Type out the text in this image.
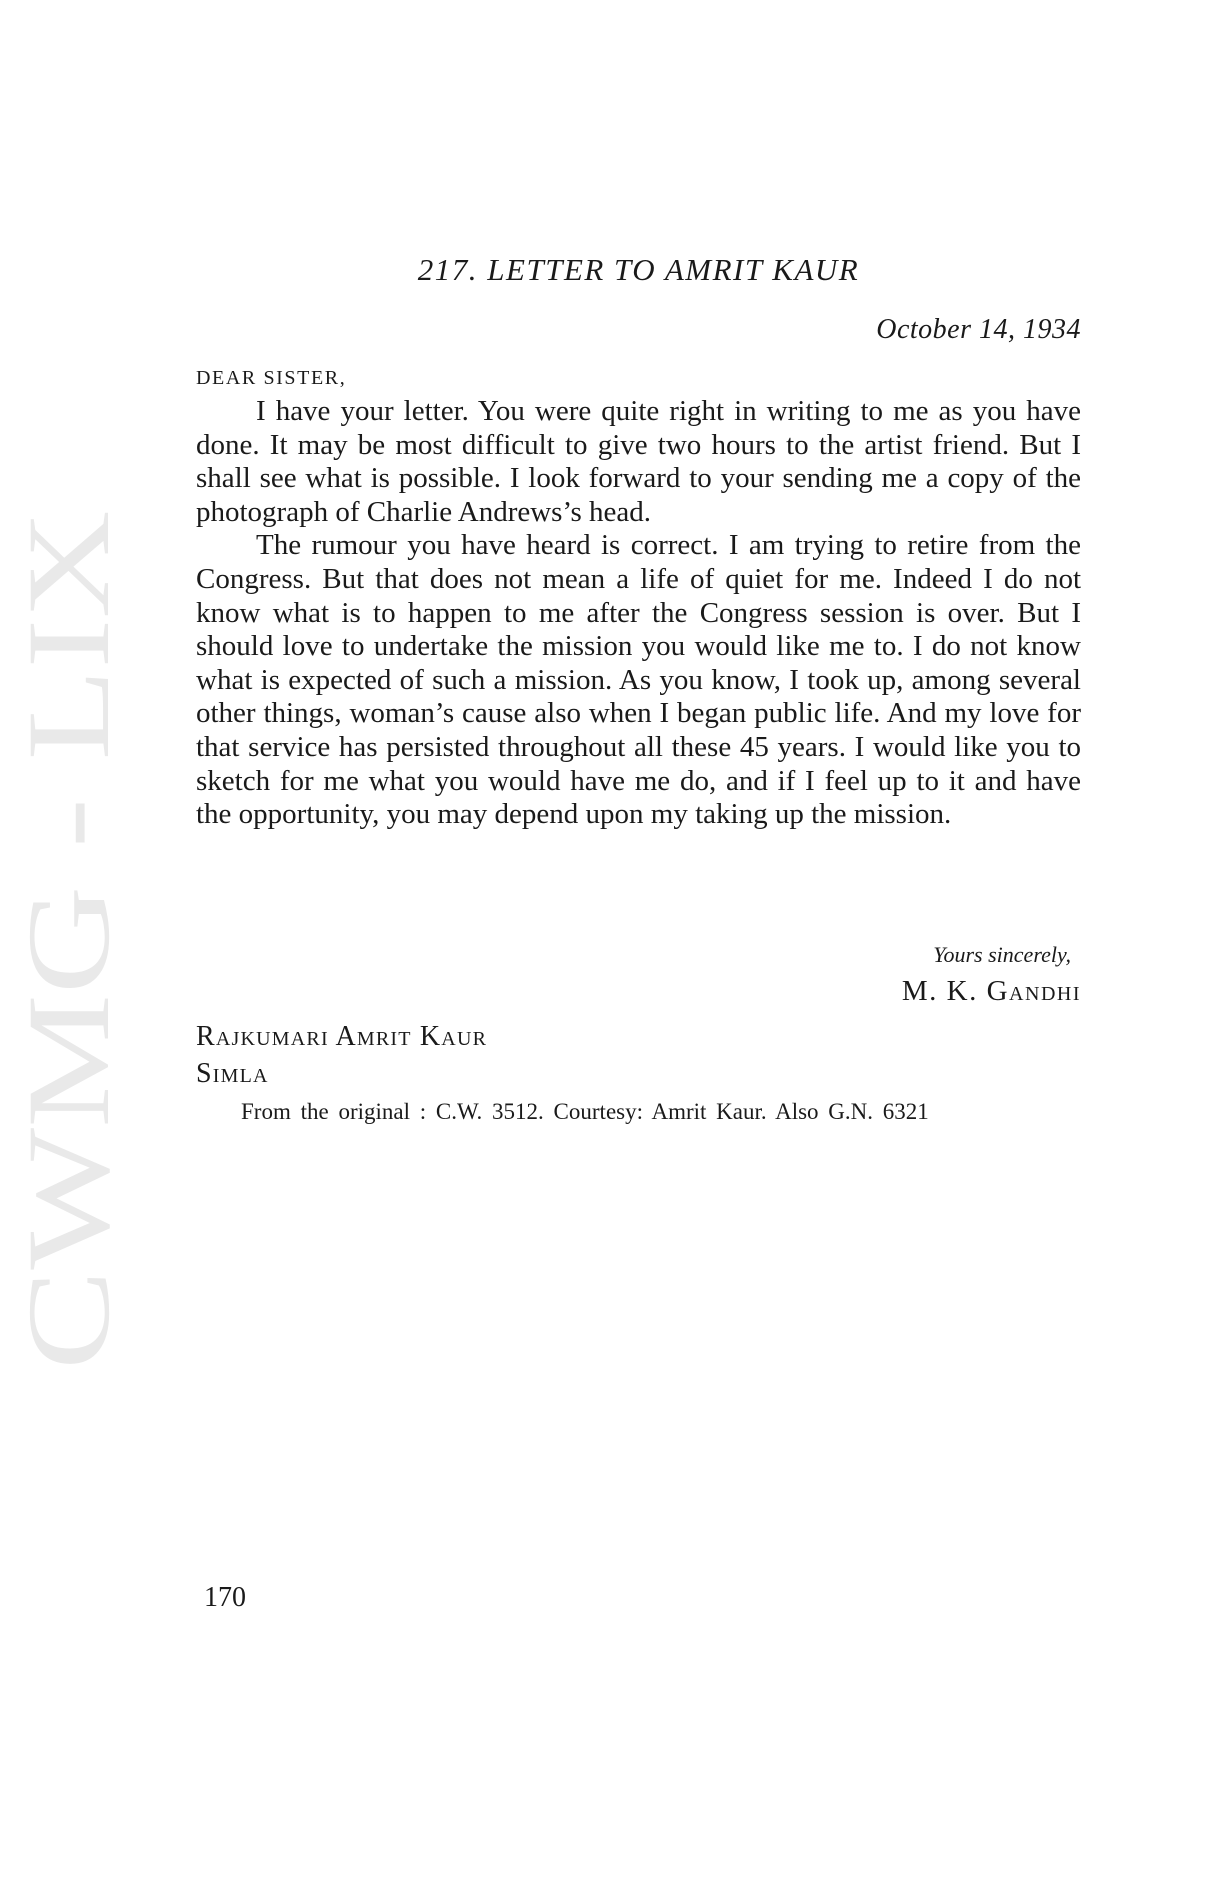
CWMG - LIX
217. LETTER TO AMRIT KAUR
October 14, 1934
DEAR SISTER,

I have your letter. You were quite right in writing to me as you have done. It may be most difficult to give two hours to the artist friend. But I shall see what is possible. I look forward to your sending me a copy of the photograph of Charlie Andrews’s head.

The rumour you have heard is correct. I am trying to retire from the Congress. But that does not mean a life of quiet for me. Indeed I do not know what is to happen to me after the Congress session is over. But I should love to undertake the mission you would like me to. I do not know what is expected of such a mission. As you know, I took up, among several other things, woman’s cause also when I began public life. And my love for that service has persisted throughout all these 45 years. I would like you to sketch for me what you would have me do, and if I feel up to it and have the opportunity, you may depend upon my taking up the mission.

Yours sincerely,
M. K. Gandhi
Rajkumari Amrit Kaur
Simla
From the original : C.W. 3512. Courtesy: Amrit Kaur. Also G.N. 6321
170
